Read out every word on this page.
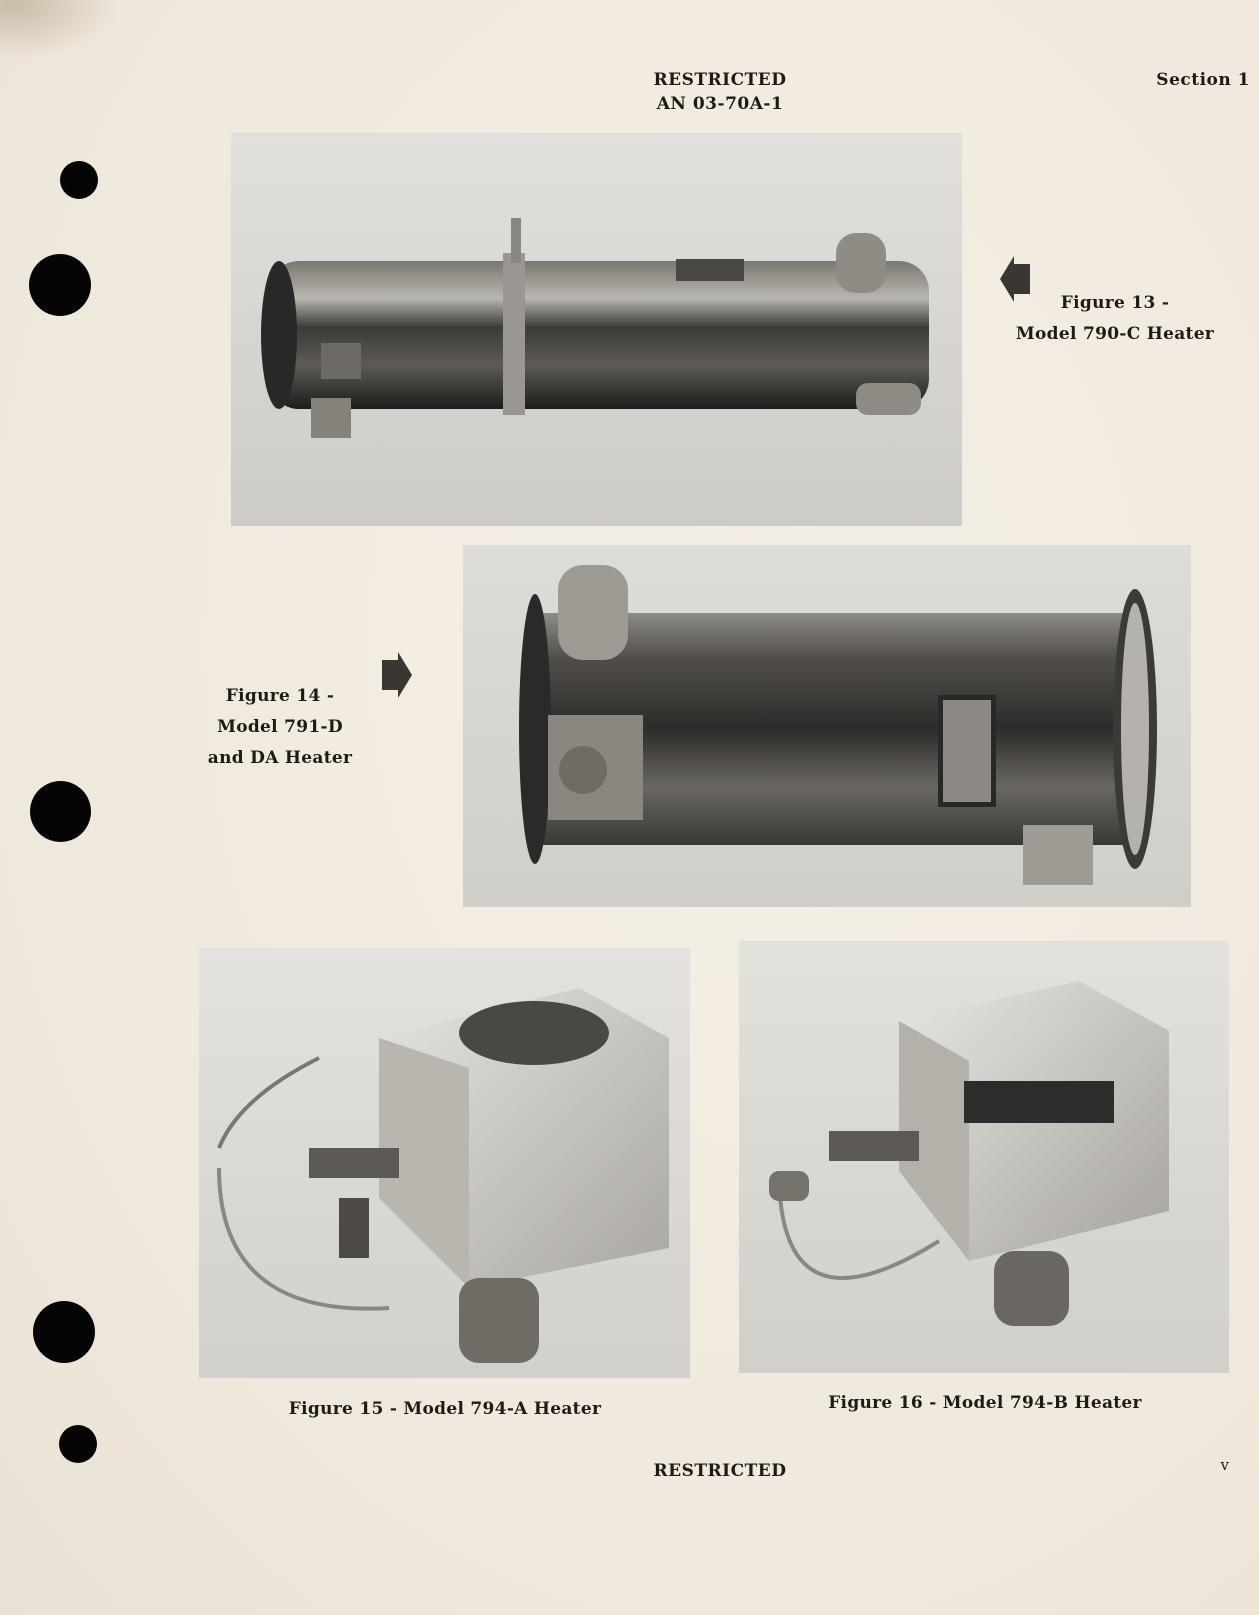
RESTRICTED
AN 03-70A-1
Section 1
Figure 13 -
Model 790-C Heater
Figure 14 -
Model 791-D
and DA Heater
Figure 15 - Model 794-A Heater	Figure 16 - Model 794-B Heater
RESTRICTED	v
